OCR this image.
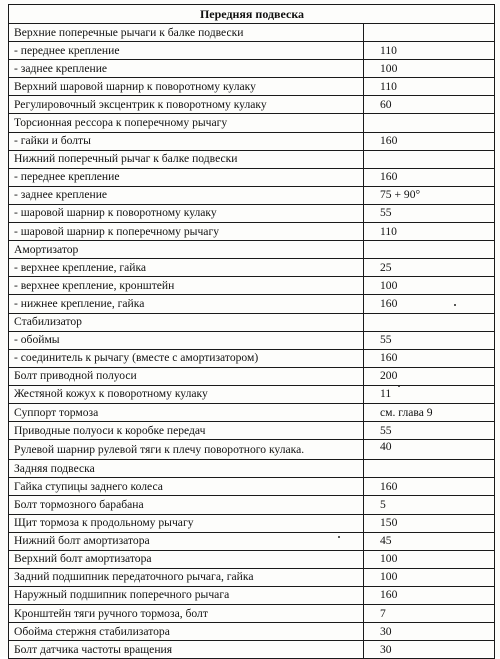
Передняя подвеска	
Верхние поперечные рычаги к балке подвески	
- переднее крепление	110
- заднее крепление	100
Верхний шаровой шарнир к поворотному кулаку	110
Регулировочный эксцентрик к поворотному кулаку	60
Торсионная рессора к поперечному рычагу	
- гайки и болты	160
Нижний поперечный рычаг к балке подвески	
- переднее крепление	160
- заднее крепление	75 + 90°
- шаровой шарнир к поворотному кулаку	55
- шаровой шарнир к поперечному рычагу	110
Амортизатор	
- верхнее крепление, гайка	25
- верхнее крепление, кронштейн	100
- нижнее крепление, гайка	160
Стабилизатор	
- обоймы	55
- соединитель к рычагу (вместе с амортизатором)	160
Болт приводной полуоси	200
Жестяной кожух к поворотному кулаку	11
Суппорт тормоза	см. глава 9
Приводные полуоси к коробке передач	55
Рулевой шарнир рулевой тяги к плечу поворотного кулака.	40
Задняя подвеска	
Гайка ступицы заднего колеса	160
Болт тормозного барабана	5
Щит тормоза к продольному рычагу	150
Нижний болт амортизатора	45
Верхний болт амортизатора	100
Задний подшипник передаточного рычага, гайка	100
Наружный подшипник поперечного рычага	160
Кронштейн тяги ручного тормоза, болт	7
Обойма стержня стабилизатора	30
Болт датчика частоты вращения	30
